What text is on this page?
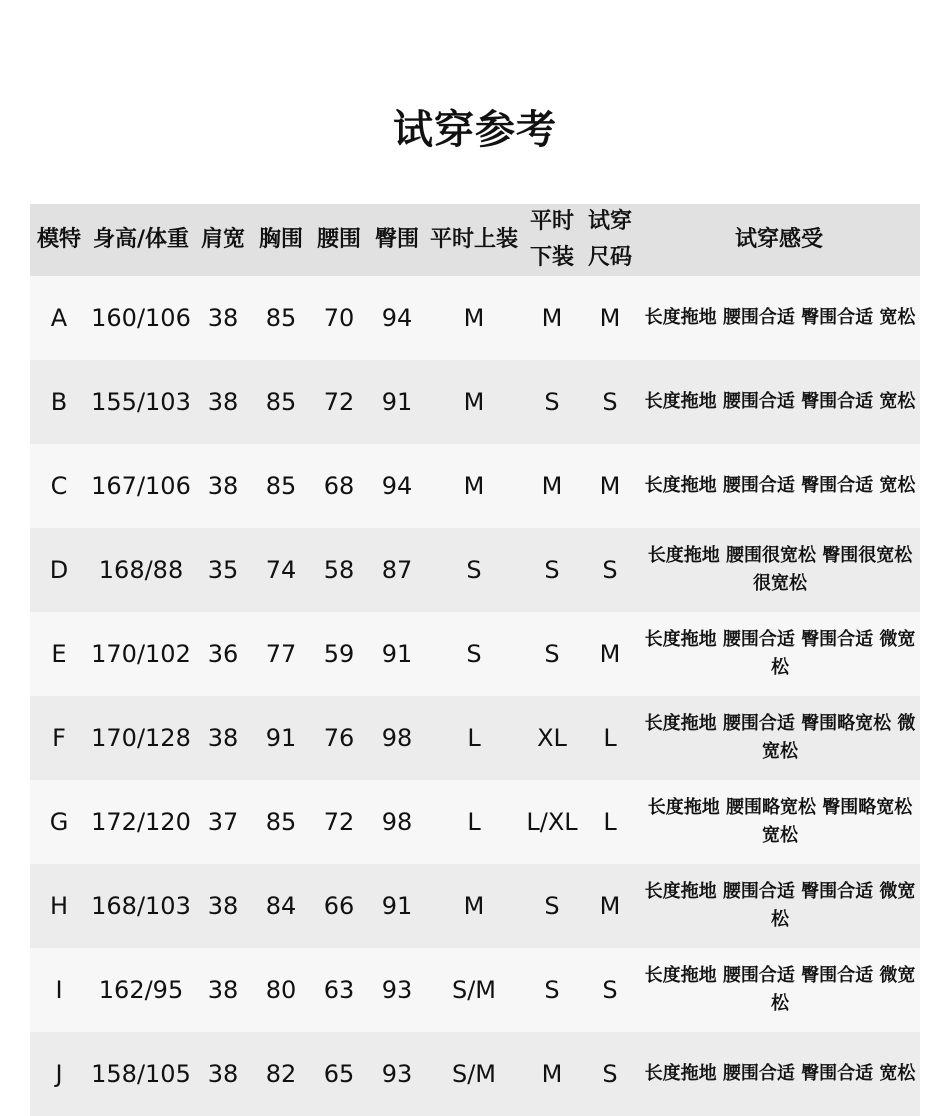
试穿参考
模特	身高/体重	肩宽	胸围	腰围	臀围	平时上装	平时下装	试穿尺码	试穿感受
A	160/106	38	85	70	94	M	M	M	长度拖地 腰围合适 臀围合适 宽松
B	155/103	38	85	72	91	M	S	S	长度拖地 腰围合适 臀围合适 宽松
C	167/106	38	85	68	94	M	M	M	长度拖地 腰围合适 臀围合适 宽松
D	168/88	35	74	58	87	S	S	S	长度拖地 腰围很宽松 臀围很宽松 很宽松
E	170/102	36	77	59	91	S	S	M	长度拖地 腰围合适 臀围合适 微宽松
F	170/128	38	91	76	98	L	XL	L	长度拖地 腰围合适 臀围略宽松 微宽松
G	172/120	37	85	72	98	L	L/XL	L	长度拖地 腰围略宽松 臀围略宽松 宽松
H	168/103	38	84	66	91	M	S	M	长度拖地 腰围合适 臀围合适 微宽松
I	162/95	38	80	63	93	S/M	S	S	长度拖地 腰围合适 臀围合适 微宽松
J	158/105	38	82	65	93	S/M	M	S	长度拖地 腰围合适 臀围合适 宽松
